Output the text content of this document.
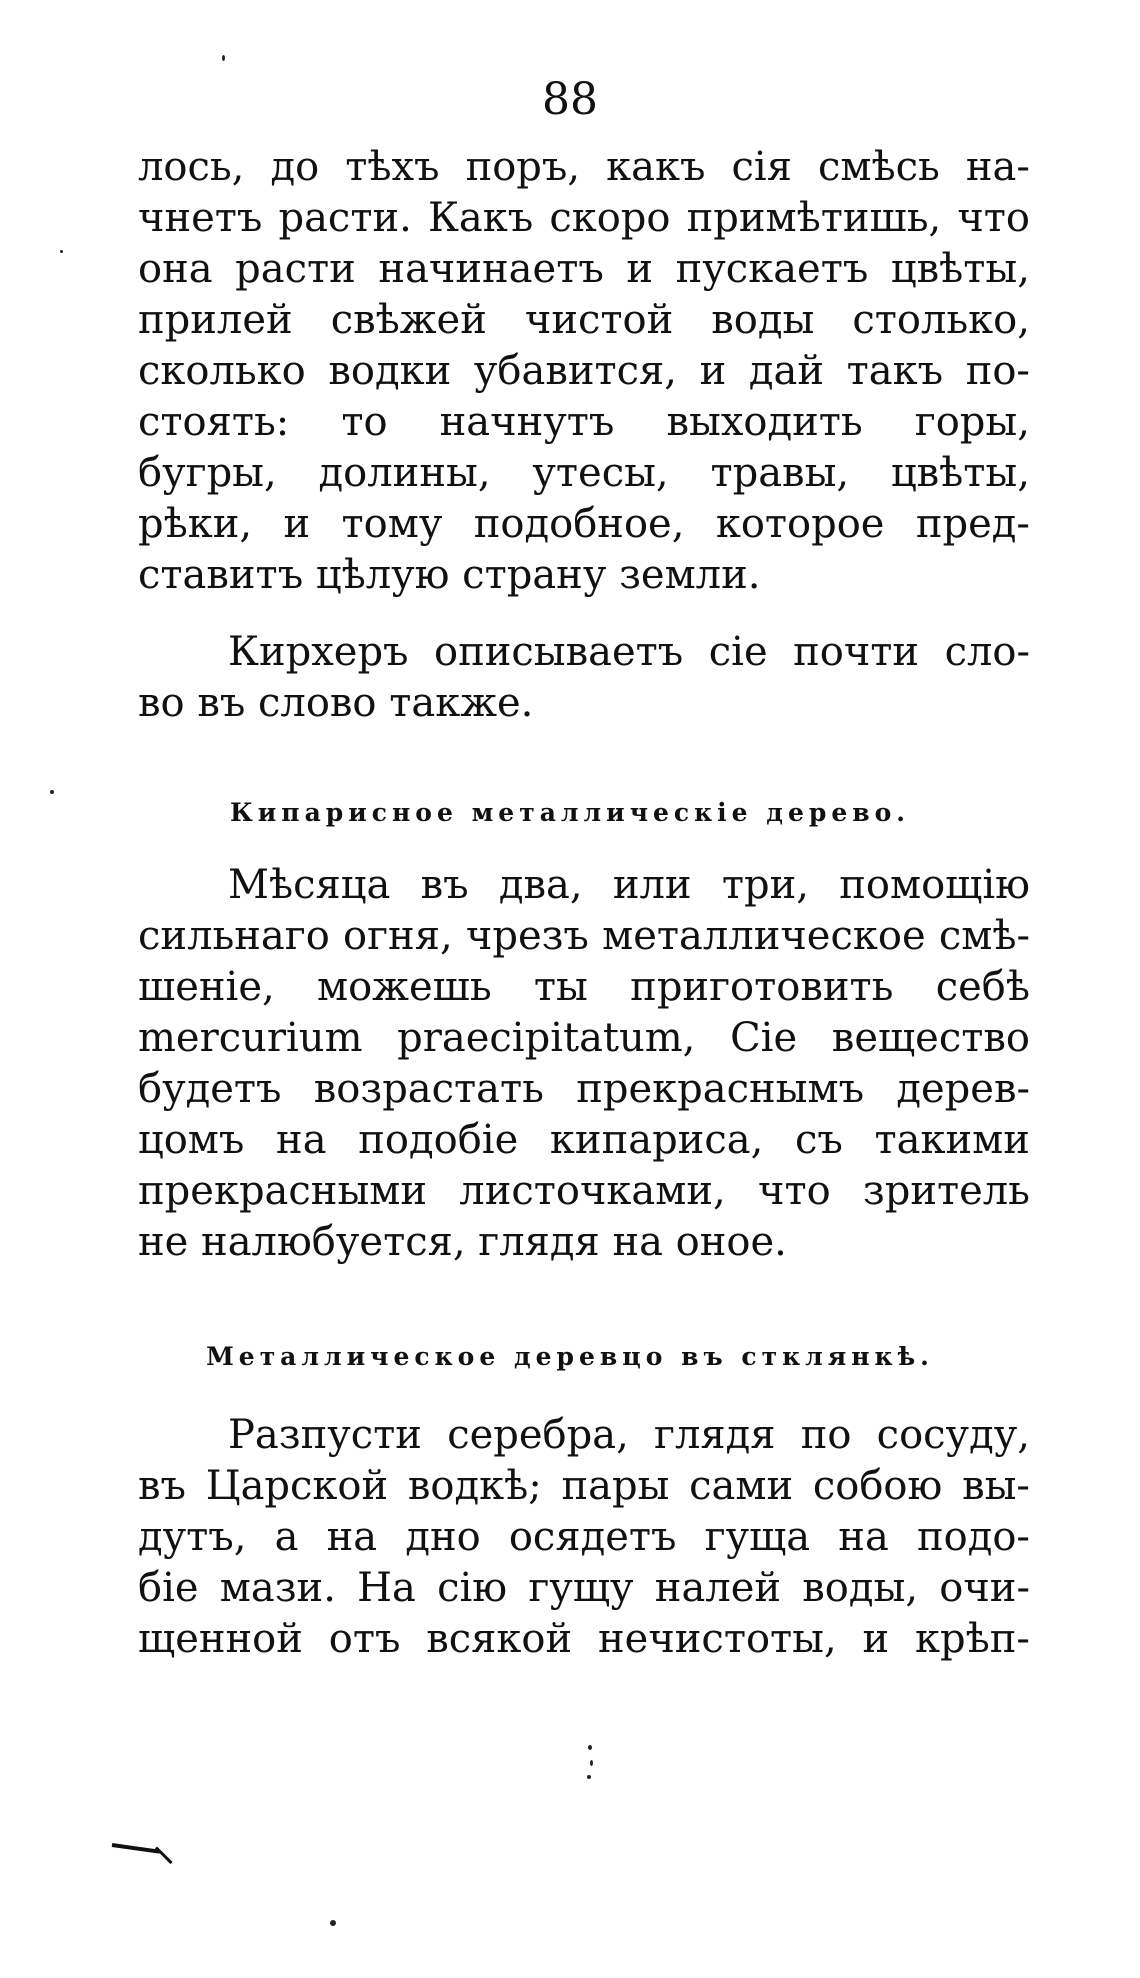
88
лось, до тѣхъ поръ, какъ сія смѣсь на-
чнетъ расти. Какъ скоро примѣтишь, что
она расти начинаетъ и пускаетъ цвѣты,
прилей свѣжей чистой воды столько,
сколько водки убавится, и дай такъ по-
стоять: то начнутъ выходить горы,
бугры, долины, утесы, травы, цвѣты,
рѣки, и тому подобное, которое пред-
ставитъ цѣлую страну земли.
Кирхеръ описываетъ сіе почти сло-
во въ слово также.
Кипарисное металлическіе дерево.
Мѣсяца въ два, или три, помощію
сильнаго огня, чрезъ металлическое смѣ-
шеніе, можешь ты приготовить себѣ
mercurium praecipitatum, Сіе вещество
будетъ возрастать прекраснымъ дерев-
цомъ на подобіе кипариса, съ такими
прекрасными листочками, что зритель
не налюбуется, глядя на оное.
Металлическое деревцо въ стклянкѣ.
Разпусти серебра, глядя по сосуду,
въ Царской водкѣ; пары сами собою вы-
дутъ, а на дно осядетъ гуща на подо-
біе мази. На сію гущу налей воды, очи-
щенной отъ всякой нечистоты, и крѣп-
